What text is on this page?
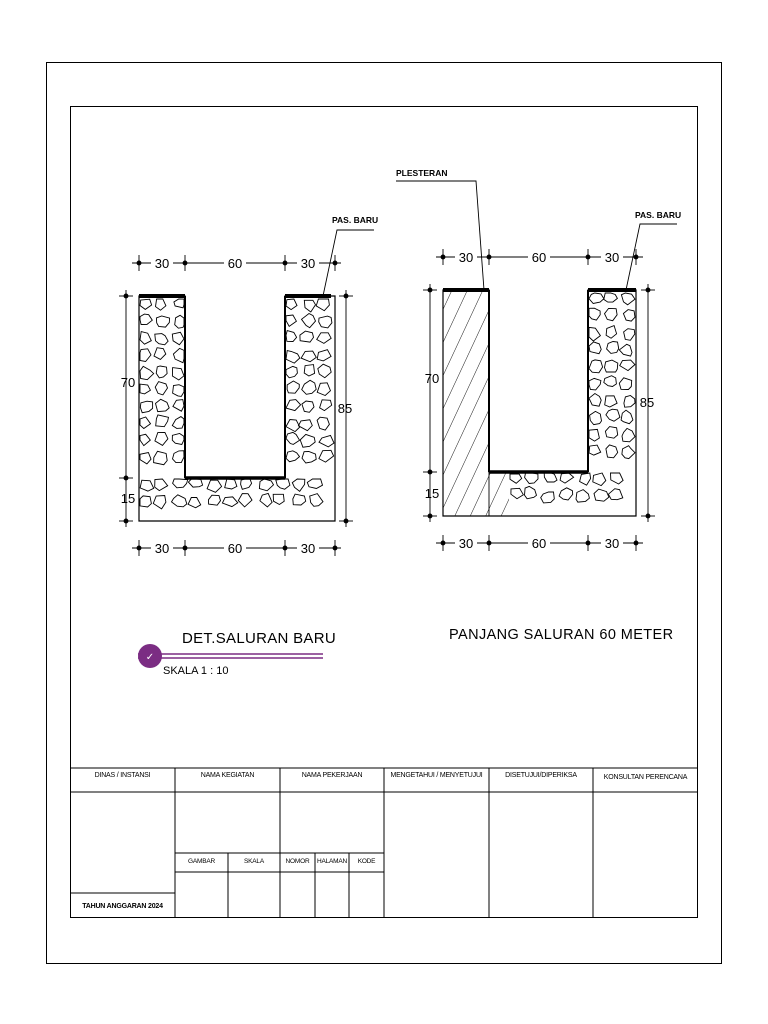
30	60	30
30	60	30
70
15
85
PAS. BARU
30	60	30
30	60	30
70
15
85
PLESTERAN
PAS. BARU
✓
DET.SALURAN BARU
SKALA 1 : 10
PANJANG SALURAN 60 METER
DINAS / INSTANSI	NAMA KEGIATAN	NAMA PEKERJAAN	MENGETAHUI / MENYETUJUI	DISETUJUI/DIPERIKSA	KONSULTAN PERENCANA
GAMBAR	SKALA	NOMOR	HALAMAN	KODE
TAHUN ANGGARAN 2024
